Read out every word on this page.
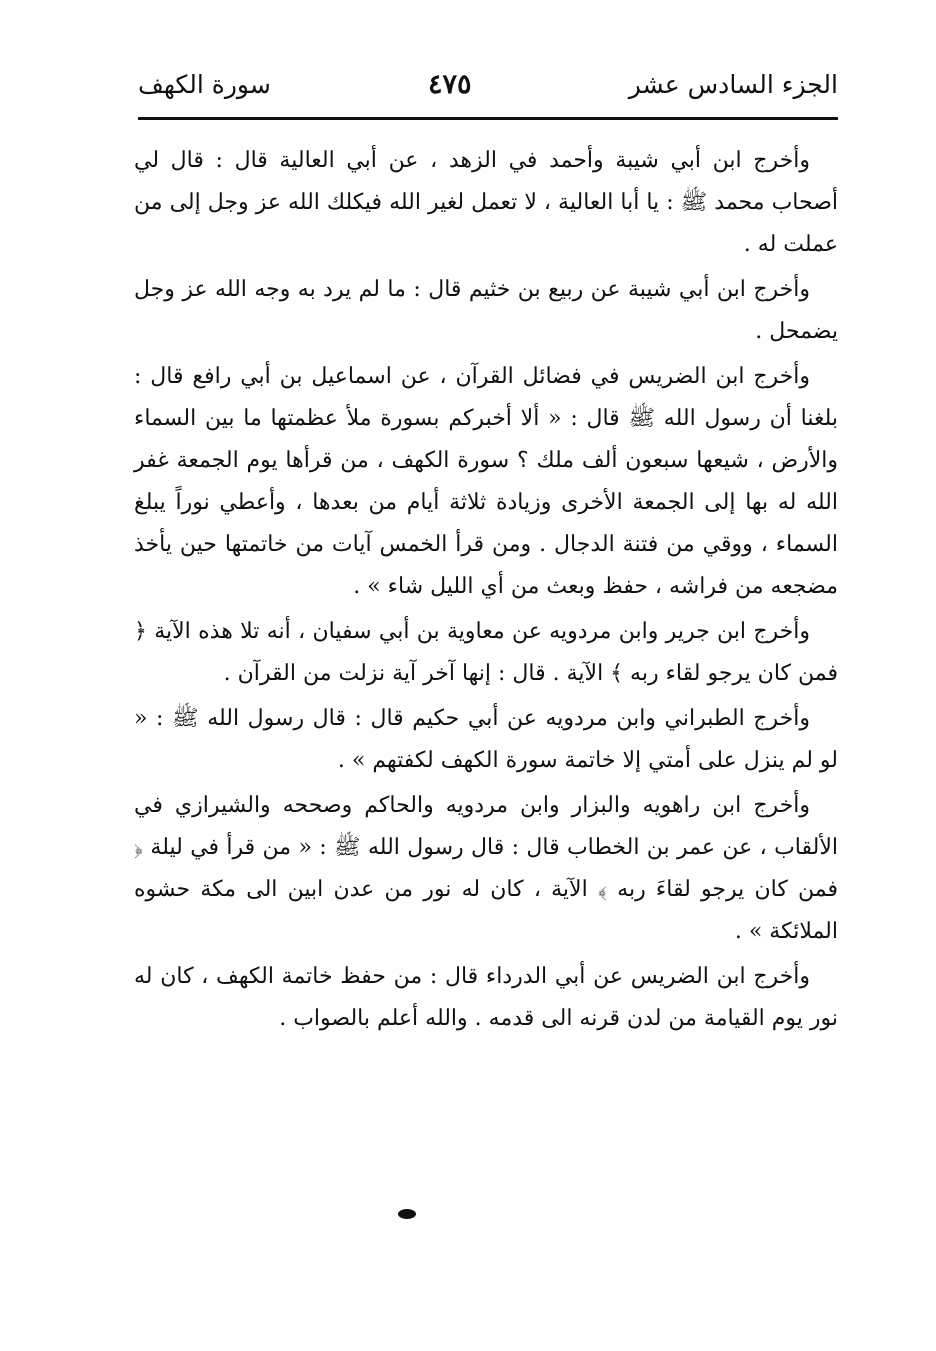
الجزء السادس عشر
٤٧٥
سورة الكهف

وأخرج ابن أبي شيبة وأحمد في الزهد ، عن أبي العالية قال : قال لي أصحاب محمد ﷺ : يا أبا العالية ، لا تعمل لغير الله فيكلك الله عز وجل إلى من عملت له .

وأخرج ابن أبي شيبة عن ربيع بن خثيم قال : ما لم يرد به وجه الله عز وجل يضمحل .

وأخرج ابن الضريس في فضائل القرآن ، عن اسماعيل بن أبي رافع قال : بلغنا أن رسول الله ﷺ قال : « ألا أخبركم بسورة ملأ عظمتها ما بين السماء والأرض ، شيعها سبعون ألف ملك ؟ سورة الكهف ، من قرأها يوم الجمعة غفر الله له بها إلى الجمعة الأخرى وزيادة ثلاثة أيام من بعدها ، وأعطي نوراً يبلغ السماء ، ووقي من فتنة الدجال . ومن قرأ الخمس آيات من خاتمتها حين يأخذ مضجعه من فراشه ، حفظ وبعث من أي الليل شاء » .

وأخرج ابن جرير وابن مردويه عن معاوية بن أبي سفيان ، أنه تلا هذه الآية ﴿ فمن كان يرجو لقاء ربه ﴾ الآية . قال : إنها آخر آية نزلت من القرآن .

وأخرج الطبراني وابن مردويه عن أبي حكيم قال : قال رسول الله ﷺ : « لو لم ينزل على أمتي إلا خاتمة سورة الكهف لكفتهم » .

وأخرج ابن راهويه والبزار وابن مردويه والحاكم وصححه والشيرازي في الألقاب ، عن عمر بن الخطاب قال : قال رسول الله ﷺ : « من قرأ في ليلة ﴿ فمن كان يرجو لقاءَ ربه ﴾ الآية ، كان له نور من عدن ابين الى مكة حشوه الملائكة » .

وأخرج ابن الضريس عن أبي الدرداء قال : من حفظ خاتمة الكهف ، كان له نور يوم القيامة من لدن قرنه الى قدمه . والله أعلم بالصواب .
